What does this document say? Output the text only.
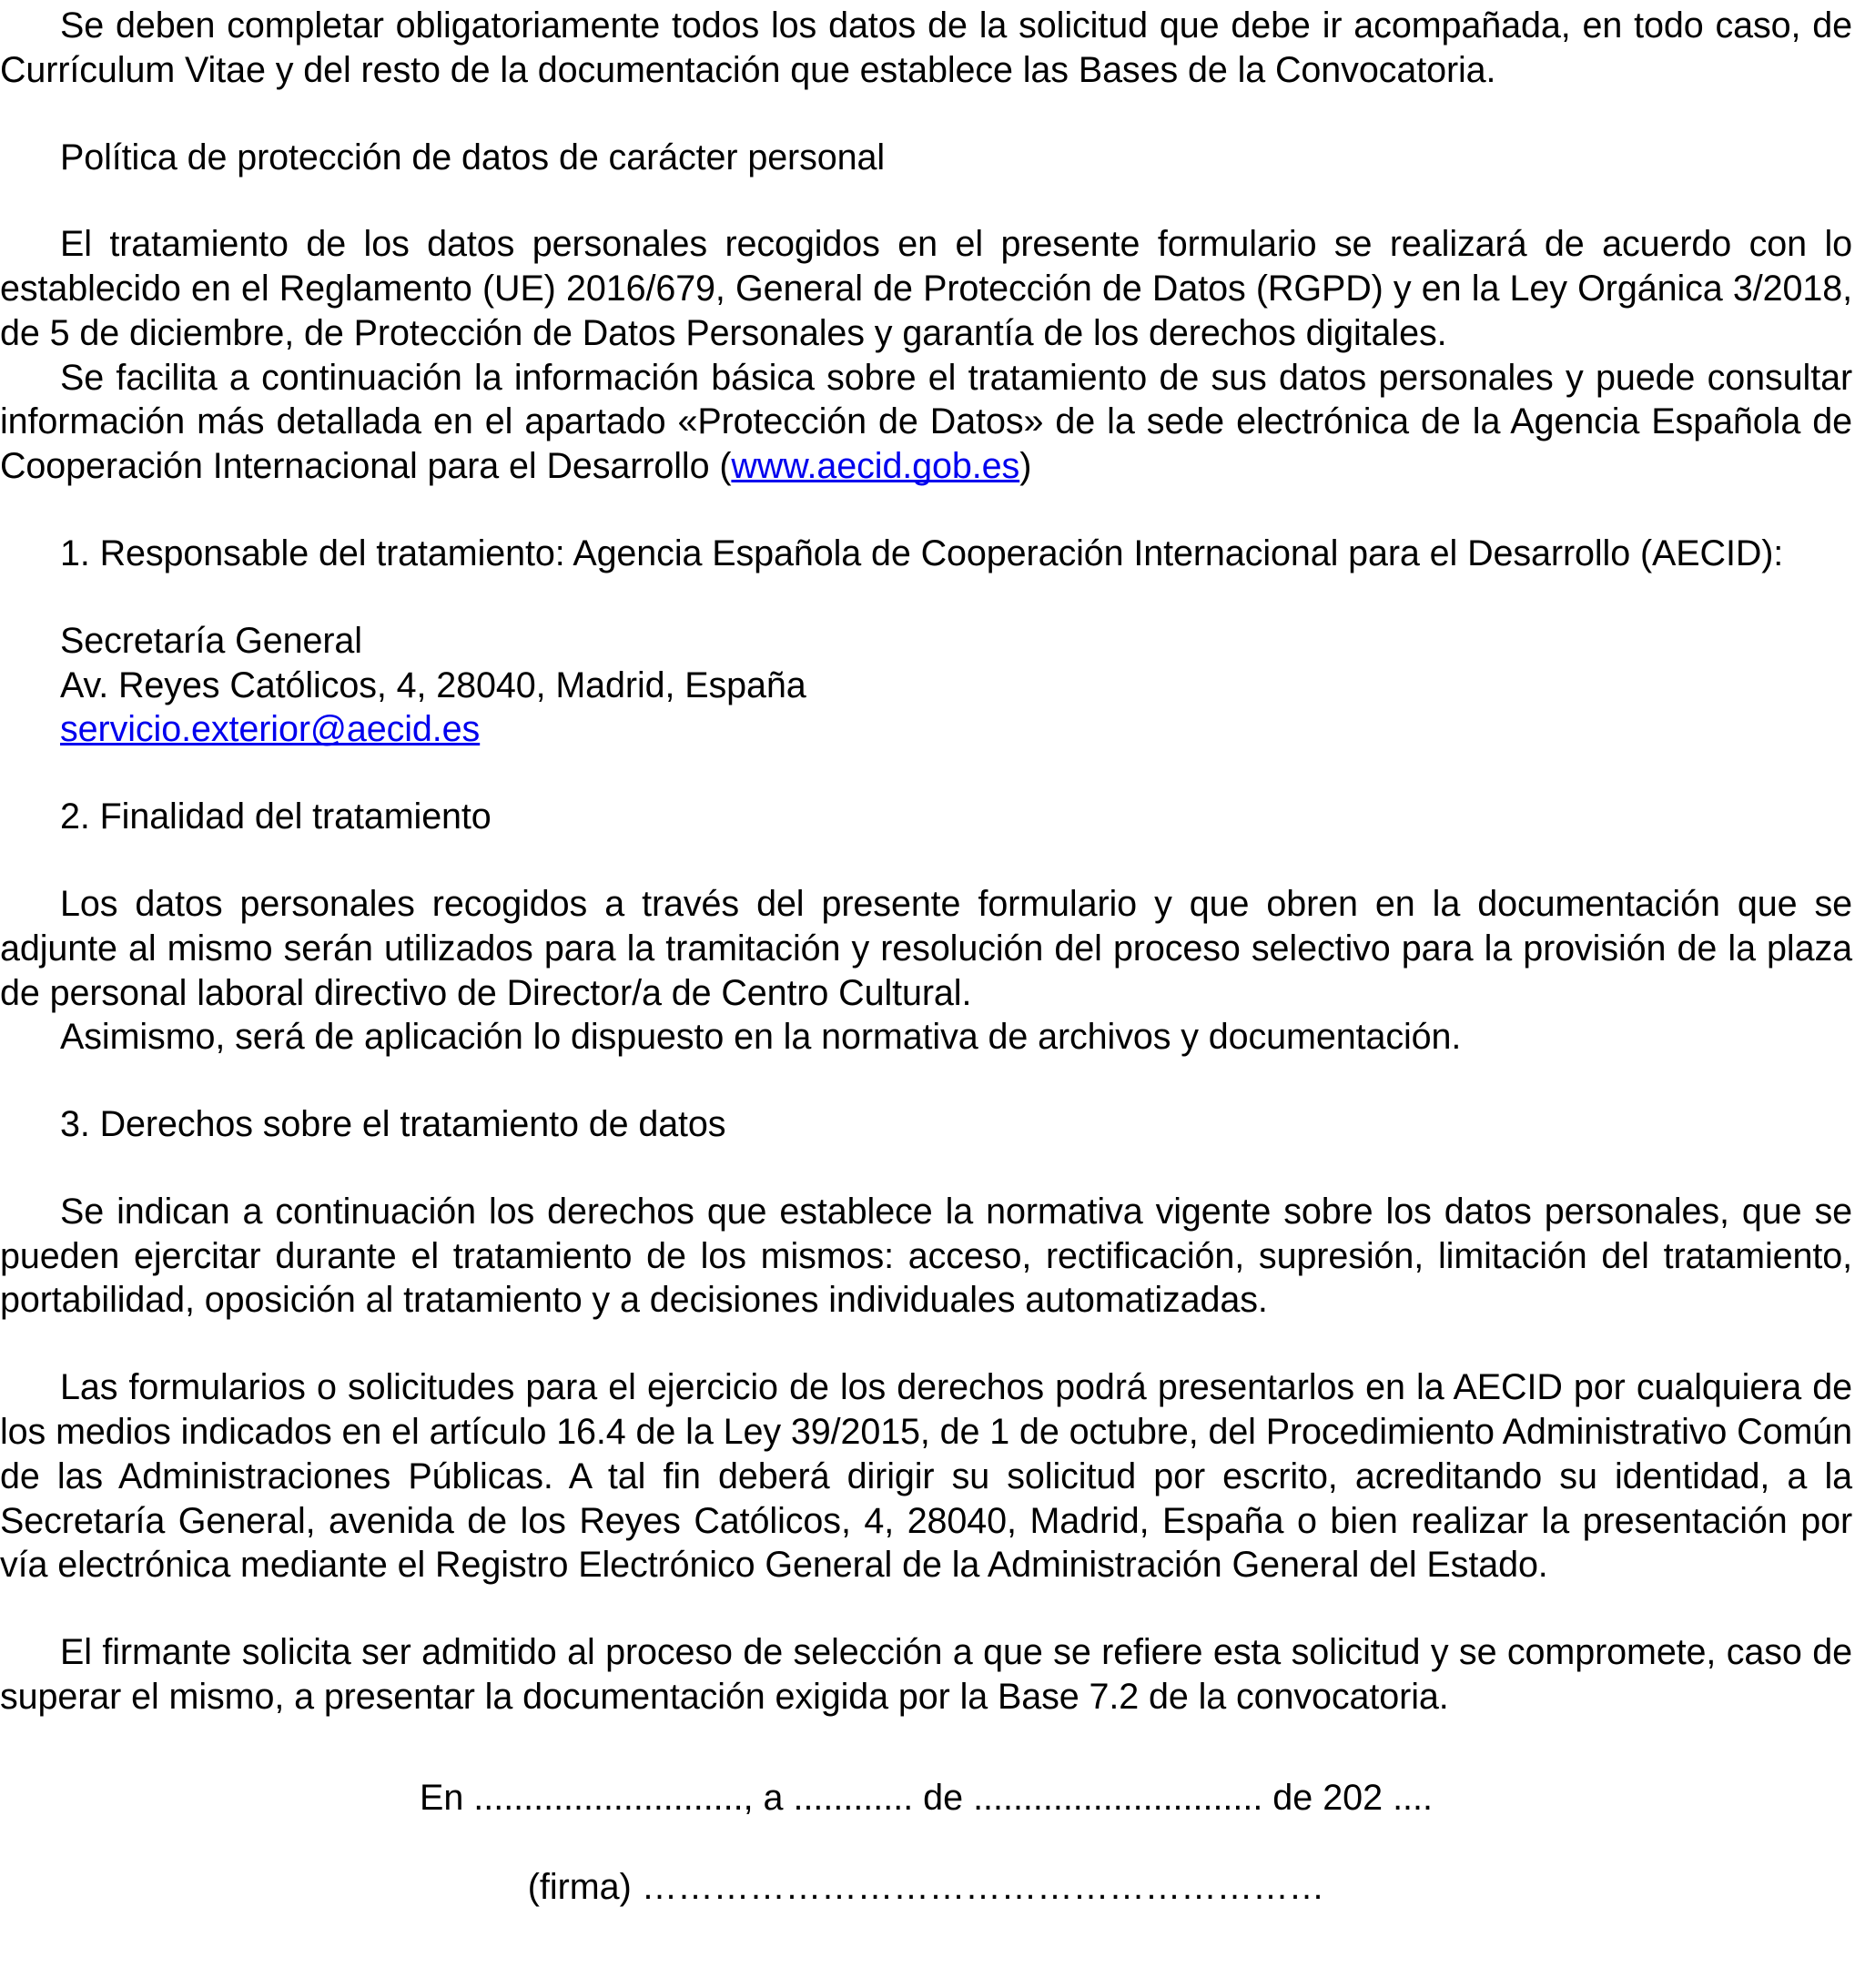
Se deben completar obligatoriamente todos los datos de la solicitud que debe ir acompañada, en todo caso, de Currículum Vitae y del resto de la documentación que establece las Bases de la Convocatoria.

Política de protección de datos de carácter personal

El tratamiento de los datos personales recogidos en el presente formulario se realizará de acuerdo con lo establecido en el Reglamento (UE) 2016/679, General de Protección de Datos (RGPD) y en la Ley Orgánica 3/2018, de 5 de diciembre, de Protección de Datos Personales y garantía de los derechos digitales.

Se facilita a continuación la información básica sobre el tratamiento de sus datos personales y puede consultar información más detallada en el apartado «Protección de Datos» de la sede electrónica de la Agencia Española de Cooperación Internacional para el Desarrollo (www.aecid.gob.es)

1. Responsable del tratamiento: Agencia Española de Cooperación Internacional para el Desarrollo (AECID):

Secretaría General

Av. Reyes Católicos, 4, 28040, Madrid, España

servicio.exterior@aecid.es

2. Finalidad del tratamiento

Los datos personales recogidos a través del presente formulario y que obren en la documentación que se adjunte al mismo serán utilizados para la tramitación y resolución del proceso selectivo para la provisión de la plaza de personal laboral directivo de Director/a de Centro Cultural.

Asimismo, será de aplicación lo dispuesto en la normativa de archivos y documentación.

3. Derechos sobre el tratamiento de datos

Se indican a continuación los derechos que establece la normativa vigente sobre los datos personales, que se pueden ejercitar durante el tratamiento de los mismos: acceso, rectificación, supresión, limitación del tratamiento, portabilidad, oposición al tratamiento y a decisiones individuales automatizadas.

Las formularios o solicitudes para el ejercicio de los derechos podrá presentarlos en la AECID por cualquiera de los medios indicados en el artículo 16.4 de la Ley 39/2015, de 1 de octubre, del Procedimiento Administrativo Común de las Administraciones Públicas. A tal fin deberá dirigir su solicitud por escrito, acreditando su identidad, a la Secretaría General, avenida de los Reyes Católicos, 4, 28040, Madrid, España o bien realizar la presentación por vía electrónica mediante el Registro Electrónico General de la Administración General del Estado.

El firmante solicita ser admitido al proceso de selección a que se refiere esta solicitud y se compromete, caso de superar el mismo, a presentar la documentación exigida por la Base 7.2 de la convocatoria.

En ..........................., a ............ de ............................. de 202 ....

(firma) …………………………………………………
